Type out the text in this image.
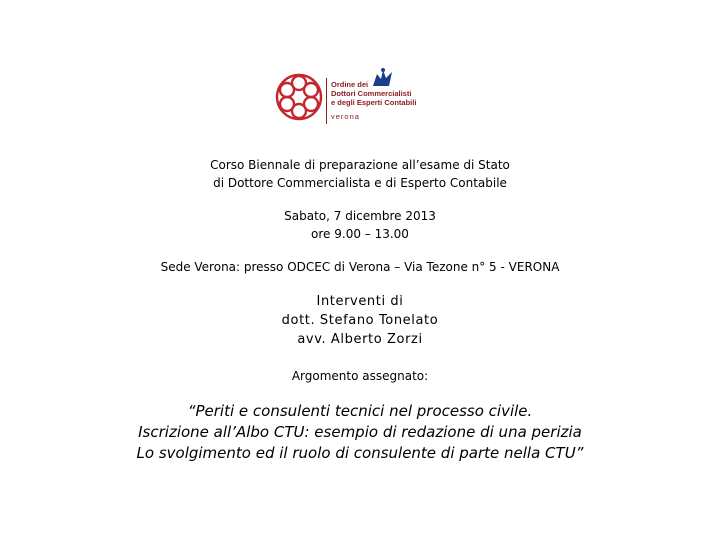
Ordine dei
Dottori Commercialisti
e degli Esperti Contabili
verona
Corso Biennale di preparazione all’esame di Stato
di Dottore Commercialista e di Esperto Contabile
Sabato, 7 dicembre 2013
ore 9.00 – 13.00
Sede Verona: presso ODCEC di Verona – Via Tezone n° 5 - VERONA
Interventi di
dott. Stefano Tonelato
avv. Alberto Zorzi
Argomento assegnato:
“Periti e consulenti tecnici nel processo civile.
Iscrizione all’Albo CTU: esempio di redazione di una perizia
Lo svolgimento ed il ruolo di consulente di parte nella CTU”
